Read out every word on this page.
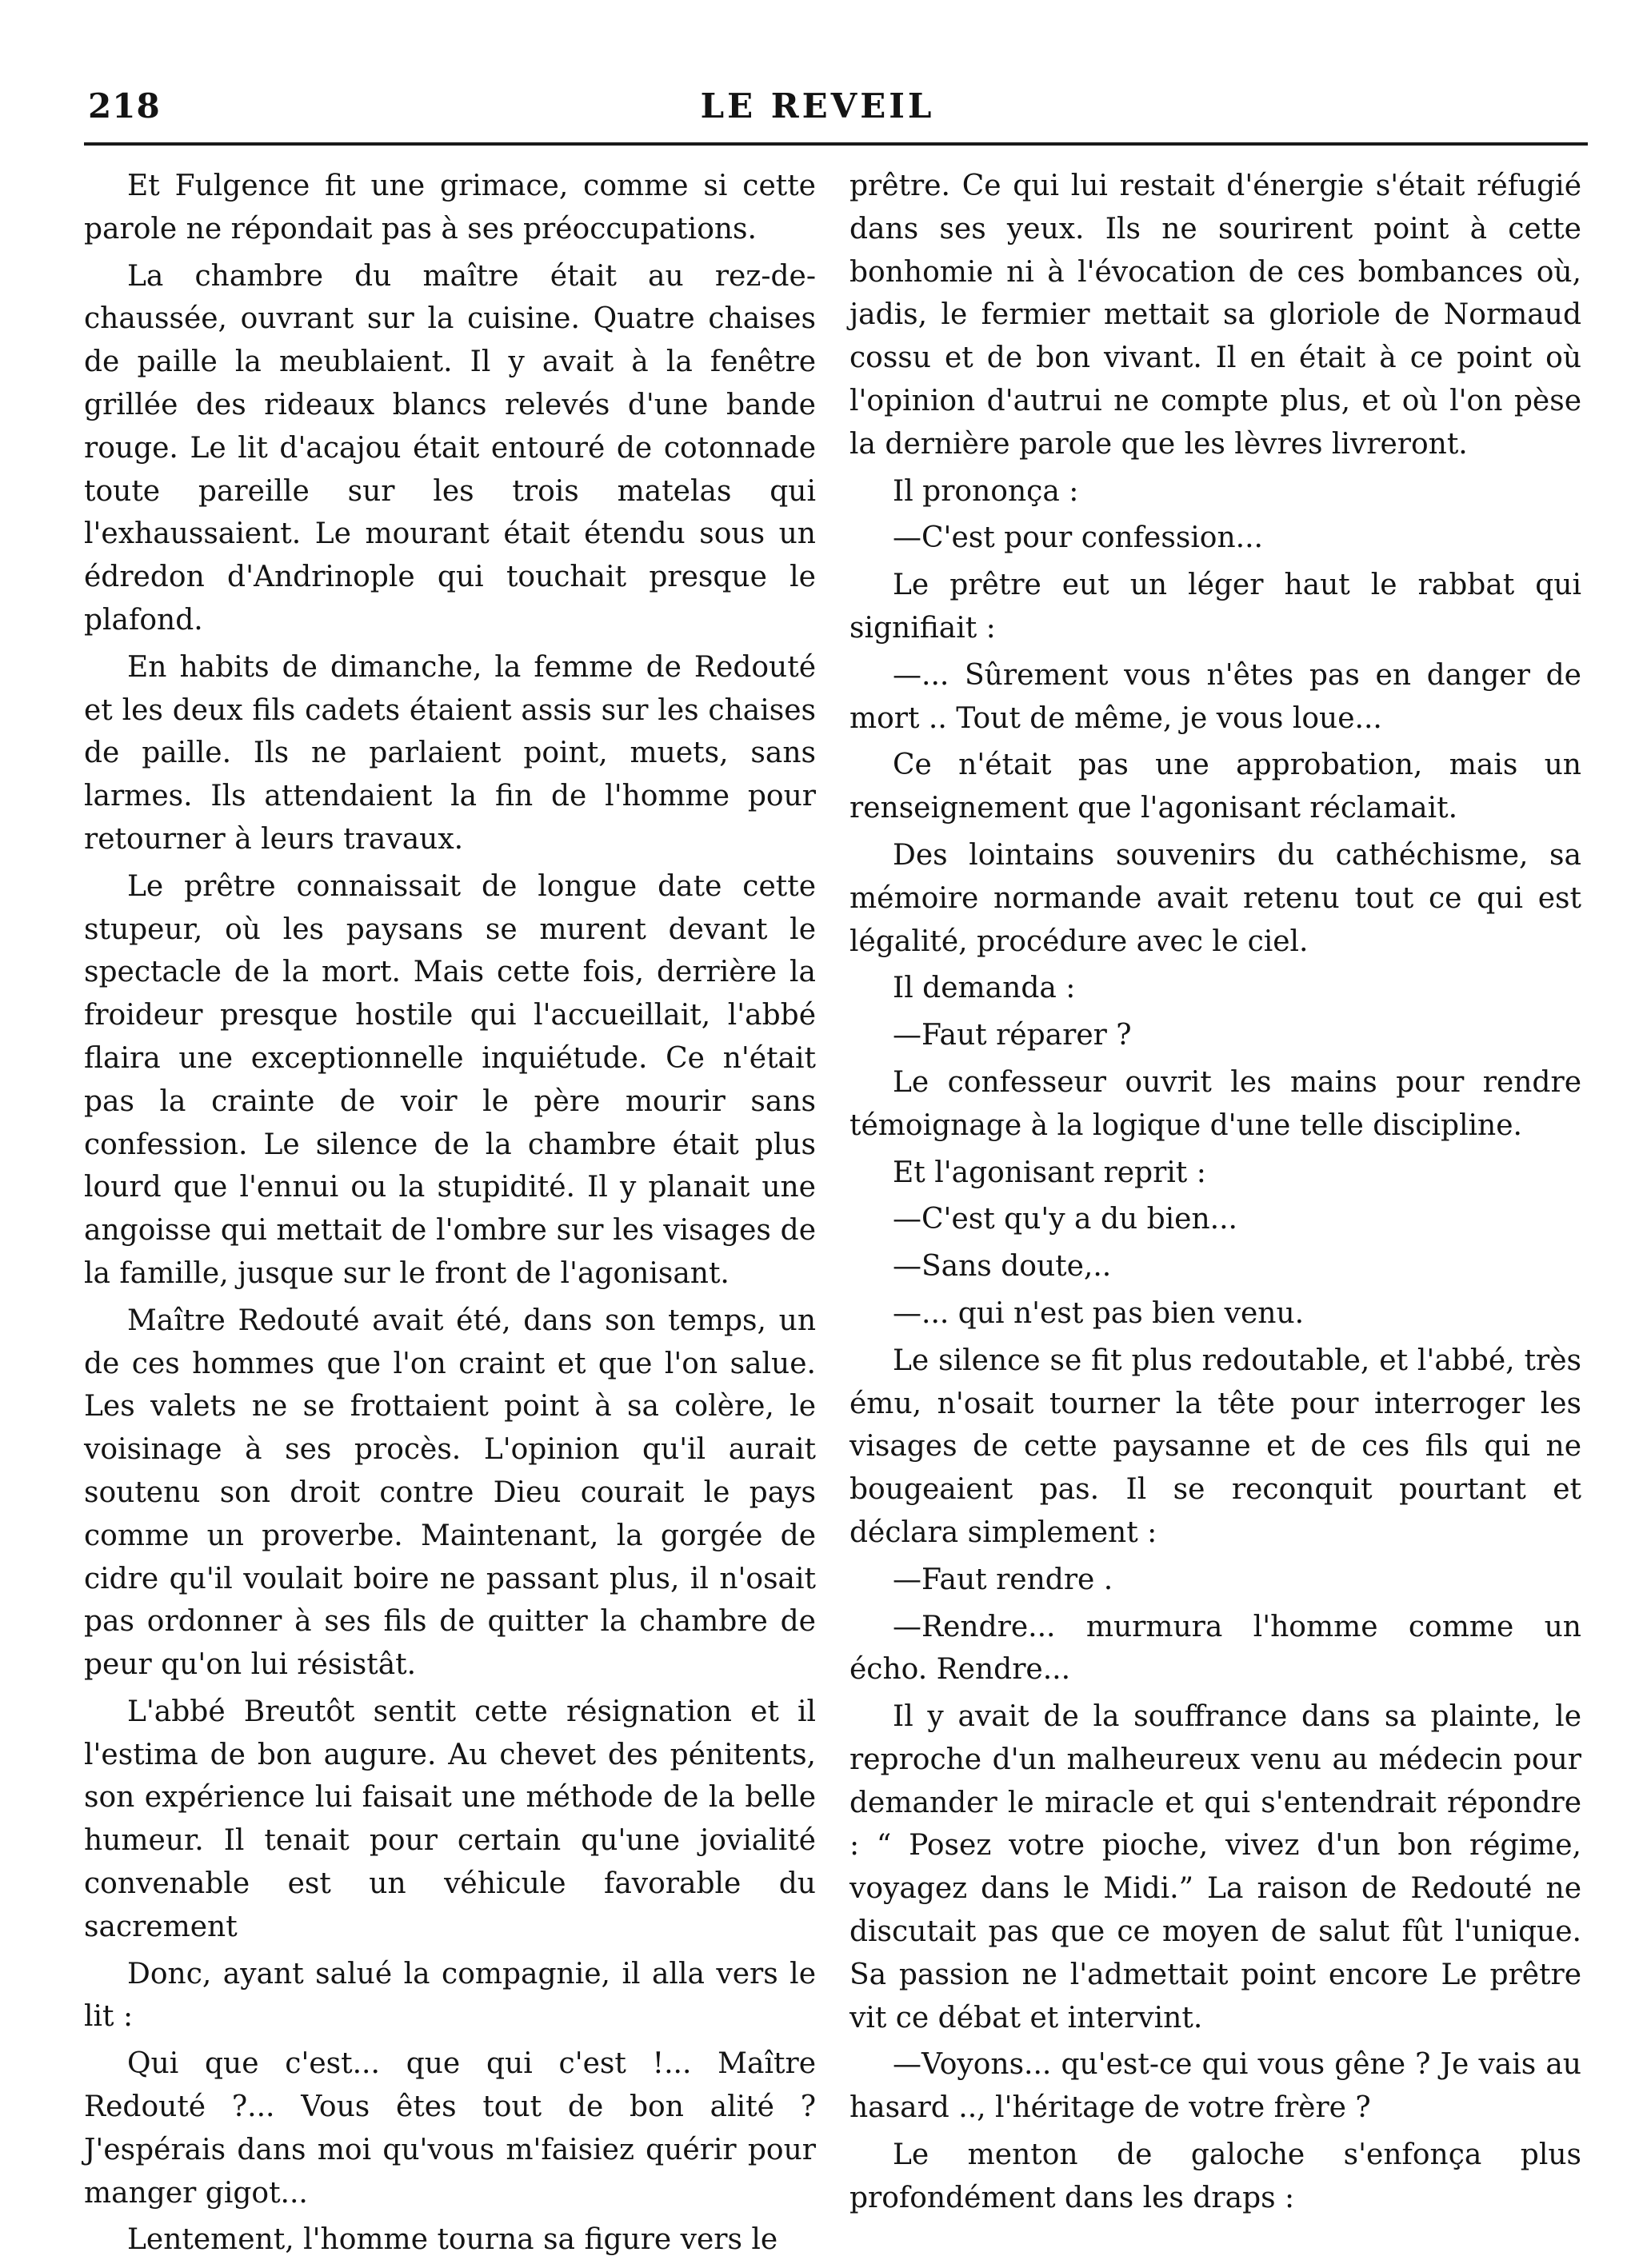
218	LE REVEIL

Et Fulgence fit une grimace, comme si cette parole ne répondait pas à ses préoccupations.

La chambre du maître était au rez-de-chaussée, ouvrant sur la cuisine. Quatre chaises de paille la meublaient. Il y avait à la fenêtre grillée des rideaux blancs relevés d'une bande rouge. Le lit d'acajou était entouré de cotonnade toute pareille sur les trois matelas qui l'exhaussaient. Le mourant était étendu sous un édredon d'Andrinople qui touchait presque le plafond.

En habits de dimanche, la femme de Redouté et les deux fils cadets étaient assis sur les chaises de paille. Ils ne parlaient point, muets, sans larmes. Ils attendaient la fin de l'homme pour retourner à leurs travaux.

Le prêtre connaissait de longue date cette stupeur, où les paysans se murent devant le spectacle de la mort. Mais cette fois, derrière la froideur presque hostile qui l'accueillait, l'abbé flaira une exceptionnelle inquiétude. Ce n'était pas la crainte de voir le père mourir sans confession. Le silence de la chambre était plus lourd que l'ennui ou la stupidité. Il y planait une angoisse qui mettait de l'ombre sur les visages de la famille, jusque sur le front de l'agonisant.

Maître Redouté avait été, dans son temps, un de ces hommes que l'on craint et que l'on salue. Les valets ne se frottaient point à sa colère, le voisinage à ses procès. L'opinion qu'il aurait soutenu son droit contre Dieu courait le pays comme un proverbe. Maintenant, la gorgée de cidre qu'il voulait boire ne passant plus, il n'osait pas ordonner à ses fils de quitter la chambre de peur qu'on lui résistât.

L'abbé Breutôt sentit cette résignation et il l'estima de bon augure. Au chevet des pénitents, son expérience lui faisait une méthode de la belle humeur. Il tenait pour certain qu'une jovialité convenable est un véhicule favorable du sacrement

Donc, ayant salué la compagnie, il alla vers le lit :

Qui que c'est... que qui c'est !... Maître Redouté ?... Vous êtes tout de bon alité ? J'espérais dans moi qu'vous m'faisiez quérir pour manger gigot...

Lentement, l'homme tourna sa figure vers le

prêtre. Ce qui lui restait d'énergie s'était réfugié dans ses yeux. Ils ne sourirent point à cette bonhomie ni à l'évocation de ces bombances où, jadis, le fermier mettait sa gloriole de Normaud cossu et de bon vivant. Il en était à ce point où l'opinion d'autrui ne compte plus, et où l'on pèse la dernière parole que les lèvres livreront.

Il prononça :

—C'est pour confession...

Le prêtre eut un léger haut le rabbat qui signifiait :

—... Sûrement vous n'êtes pas en danger de mort .. Tout de même, je vous loue...

Ce n'était pas une approbation, mais un renseignement que l'agonisant réclamait.

Des lointains souvenirs du cathéchisme, sa mémoire normande avait retenu tout ce qui est légalité, procédure avec le ciel.

Il demanda :

—Faut réparer ?

Le confesseur ouvrit les mains pour rendre témoignage à la logique d'une telle discipline.

Et l'agonisant reprit :

—C'est qu'y a du bien...

—Sans doute,..

—... qui n'est pas bien venu.

Le silence se fit plus redoutable, et l'abbé, très ému, n'osait tourner la tête pour interroger les visages de cette paysanne et de ces fils qui ne bougeaient pas. Il se reconquit pourtant et déclara simplement :

—Faut rendre .

—Rendre... murmura l'homme comme un écho. Rendre...

Il y avait de la souffrance dans sa plainte, le reproche d'un malheureux venu au médecin pour demander le miracle et qui s'entendrait répondre : “ Posez votre pioche, vivez d'un bon régime, voyagez dans le Midi.” La raison de Redouté ne discutait pas que ce moyen de salut fût l'unique. Sa passion ne l'admettait point encore Le prêtre vit ce débat et intervint.

—Voyons... qu'est-ce qui vous gêne ? Je vais au hasard .., l'héritage de votre frère ?

Le menton de galoche s'enfonça plus profondément dans les draps :
